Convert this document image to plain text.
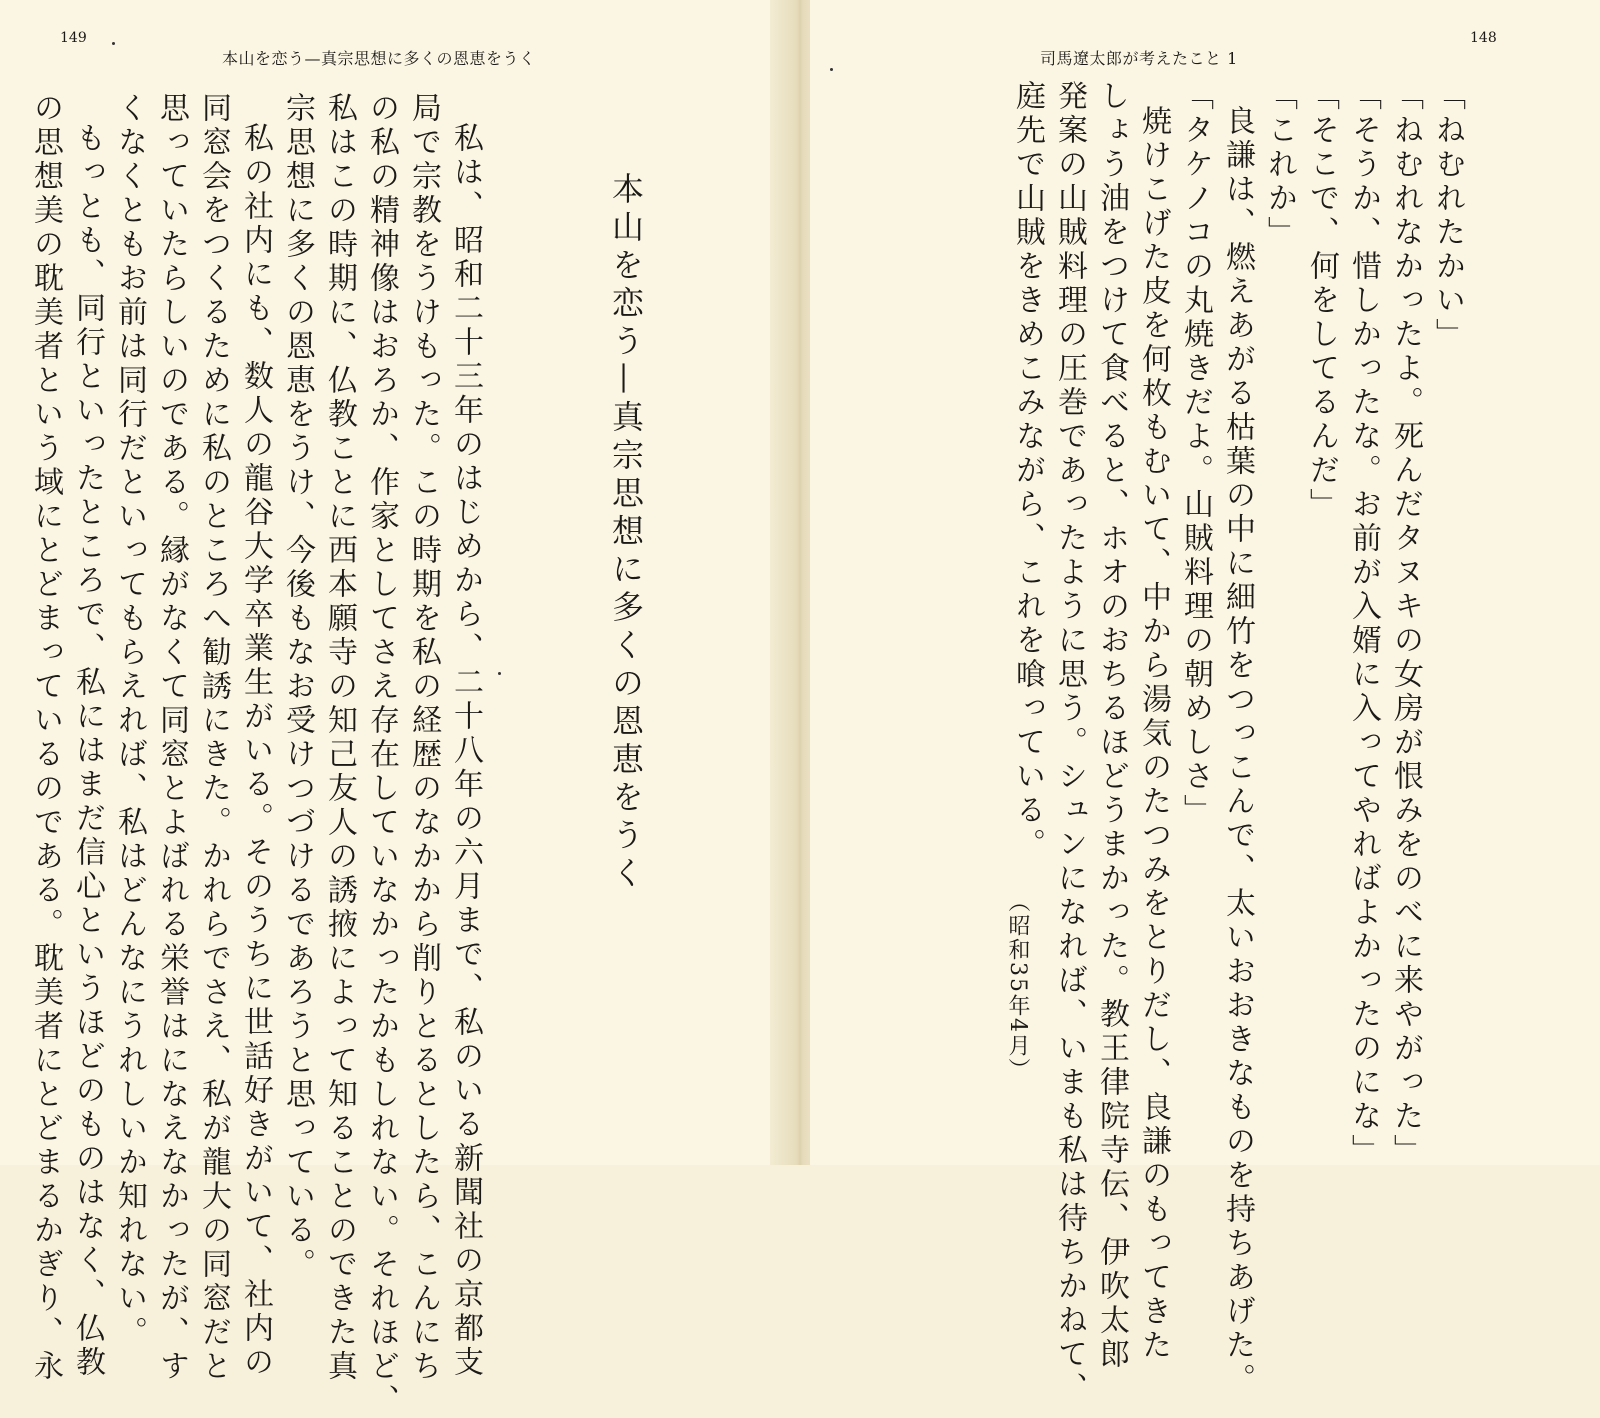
149
本山を恋う—真宗思想に多くの恩恵をうく
本山を恋う—真宗思想に多くの恩恵をうく
私は、昭和二十三年のはじめから、二十八年の六月まで、私のいる新聞社の京都支
局で宗教をうけもった。この時期を私の経歴のなかから削りとるとしたら、こんにち
の私の精神像はおろか、作家としてさえ存在していなかったかもしれない。それほど、
私はこの時期に、仏教ことに西本願寺の知己友人の誘掖によって知ることのできた真
宗思想に多くの恩恵をうけ、今後もなお受けつづけるであろうと思っている。
私の社内にも、数人の龍谷大学卒業生がいる。そのうちに世話好きがいて、社内の
同窓会をつくるために私のところへ勧誘にきた。かれらでさえ、私が龍大の同窓だと
思っていたらしいのである。縁がなくて同窓とよばれる栄誉はになえなかったが、す
くなくともお前は同行だといってもらえれば、私はどんなにうれしいか知れない。
もっとも、同行といったところで、私にはまだ信心というほどのものはなく、仏教
の思想美の耽美者という域にとどまっているのである。耽美者にとどまるかぎり、永
司馬遼太郎が考えたこと 1
148
「ねむれたかい」
「ねむれなかったよ。死んだタヌキの女房が恨みをのべに来やがった」
「そうか、惜しかったな。お前が入婿に入ってやればよかったのにな」
「そこで、何をしてるんだ」
「これか」
良謙は、燃えあがる枯葉の中に細竹をつっこんで、太いおおきなものを持ちあげた。
「タケノコの丸焼きだよ。山賊料理の朝めしさ」
焼けこげた皮を何枚もむいて、中から湯気のたつみをとりだし、良謙のもってきた
しょう油をつけて食べると、ホオのおちるほどうまかった。教王律院寺伝、伊吹太郎
発案の山賊料理の圧巻であったように思う。シュンになれば、いまも私は待ちかねて、
庭先で山賊をきめこみながら、これを喰っている。
（昭和35年4月）
